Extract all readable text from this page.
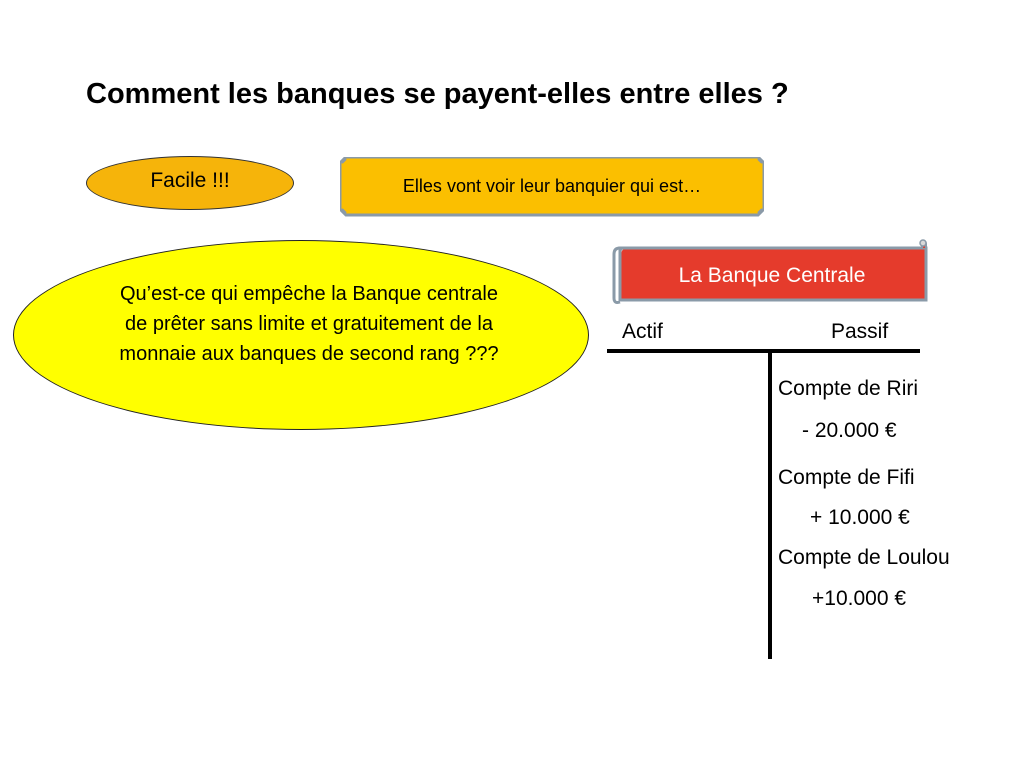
Comment les banques se payent-elles entre elles ?
Facile !!!	Elles vont voir leur banquier qui est…
Qu’est-ce qui empêche la Banque centrale de prêter sans limite et gratuitement de la monnaie aux banques de second rang ???
La Banque Centrale
Actif	Passif
Compte de Riri
- 20.000 €
Compte de Fifi
+ 10.000 €
Compte de Loulou
+10.000 €
